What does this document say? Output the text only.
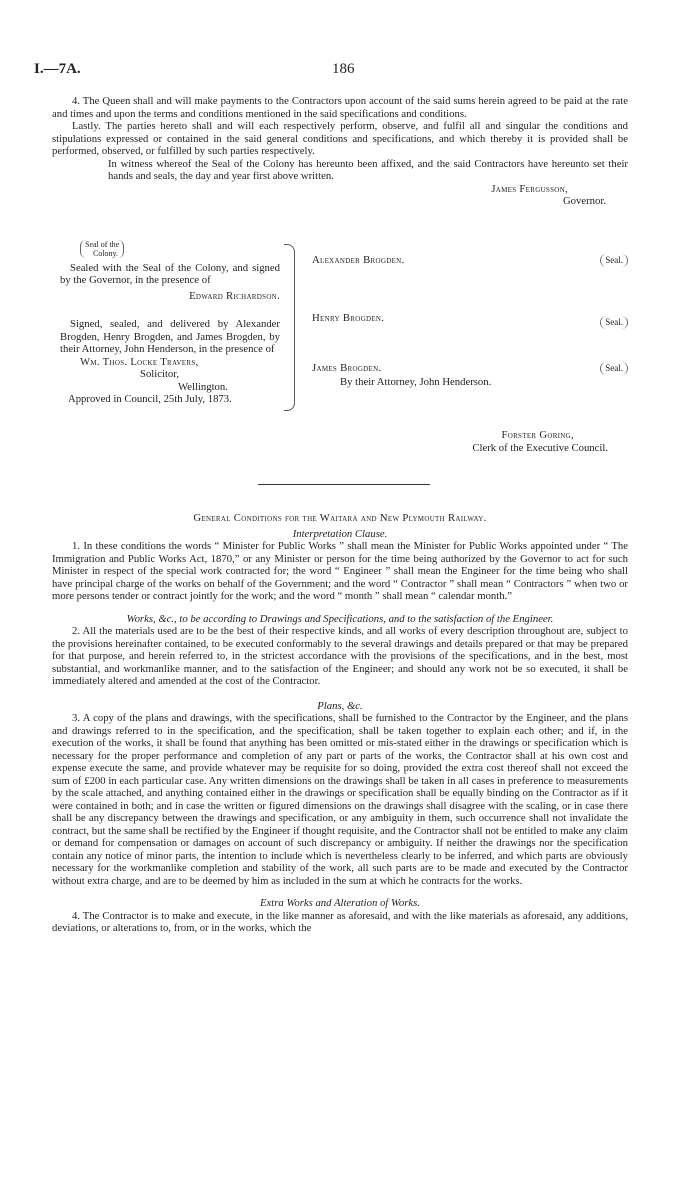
I.—7A.	186

4. The Queen shall and will make payments to the Contractors upon account of the said sums herein agreed to be paid at the rate and times and upon the terms and conditions mentioned in the said specifications and conditions.

Lastly. The parties hereto shall and will each respectively perform, observe, and fulfil all and singular the conditions and stipulations expressed or contained in the said general conditions and specifications, and which thereby it is provided shall be performed, observed, or fulfilled by such parties respectively.

In witness whereof the Seal of the Colony has hereunto been affixed, and the said Contractors have hereunto set their hands and seals, the day and year first above written.

James Fergusson,

Governor.

Seal of the
Colony.

Sealed with the Seal of the Colony, and signed by the Governor, in the presence of

Edward Richardson.

Signed, sealed, and delivered by Alexander Brogden, Henry Brogden, and James Brogden, by their Attorney, John Henderson, in the presence of

Wm. Thos. Locke Travers,

Solicitor,

Wellington.

Approved in Council, 25th July, 1873.

Alexander Brogden.	Seal.
Henry Brogden.	Seal.
James Brogden.	Seal.
By their Attorney, John Henderson.
Forster Goring,
Clerk of the Executive Council.

General Conditions for the Waitara and New Plymouth Railway.

Interpretation Clause.

1. In these conditions the words “ Minister for Public Works ” shall mean the Minister for Public Works appointed under “ The Immigration and Public Works Act, 1870,” or any Minister or person for the time being authorized by the Governor to act for such Minister in respect of the special work contracted for; the word “ Engineer ” shall mean the Engineer for the time being who shall have principal charge of the works on behalf of the Government; and the word “ Contractor ” shall mean “ Contractors ” when two or more persons tender or contract jointly for the work; and the word “ month ” shall mean “ calendar month.”

Works, &c., to be according to Drawings and Specifications, and to the satisfaction of the Engineer.

2. All the materials used are to be the best of their respective kinds, and all works of every description throughout are, subject to the provisions hereinafter contained, to be executed conformably to the several drawings and details prepared or that may be prepared for that purpose, and herein referred to, in the strictest accordance with the provisions of the specifications, and in the best, most substantial, and workmanlike manner, and to the satisfaction of the Engineer; and should any work not be so executed, it shall be immediately altered and amended at the cost of the Contractor.

Plans, &c.

3. A copy of the plans and drawings, with the specifications, shall be furnished to the Contractor by the Engineer, and the plans and drawings referred to in the specification, and the specification, shall be taken together to explain each other; and if, in the execution of the works, it shall be found that anything has been omitted or mis-stated either in the drawings or specification which is necessary for the proper performance and completion of any part or parts of the works, the Contractor shall at his own cost and expense execute the same, and provide whatever may be requisite for so doing, provided the extra cost thereof shall not exceed the sum of £200 in each particular case. Any written dimensions on the drawings shall be taken in all cases in preference to measurements by the scale attached, and anything contained either in the drawings or specification shall be equally binding on the Contractor as if it were contained in both; and in case the written or figured dimensions on the drawings shall disagree with the scaling, or in case there shall be any discrepancy between the drawings and specification, or any ambiguity in them, such occurrence shall not invalidate the contract, but the same shall be rectified by the Engineer if thought requisite, and the Contractor shall not be entitled to make any claim or demand for compensation or damages on account of such discrepancy or ambiguity. If neither the drawings nor the specification contain any notice of minor parts, the intention to include which is nevertheless clearly to be inferred, and which parts are obviously necessary for the workmanlike completion and stability of the work, all such parts are to be made and executed by the Contractor without extra charge, and are to be deemed by him as included in the sum at which he contracts for the works.

Extra Works and Alteration of Works.

4. The Contractor is to make and execute, in the like manner as aforesaid, and with the like materials as aforesaid, any additions, deviations, or alterations to, from, or in the works, which the
